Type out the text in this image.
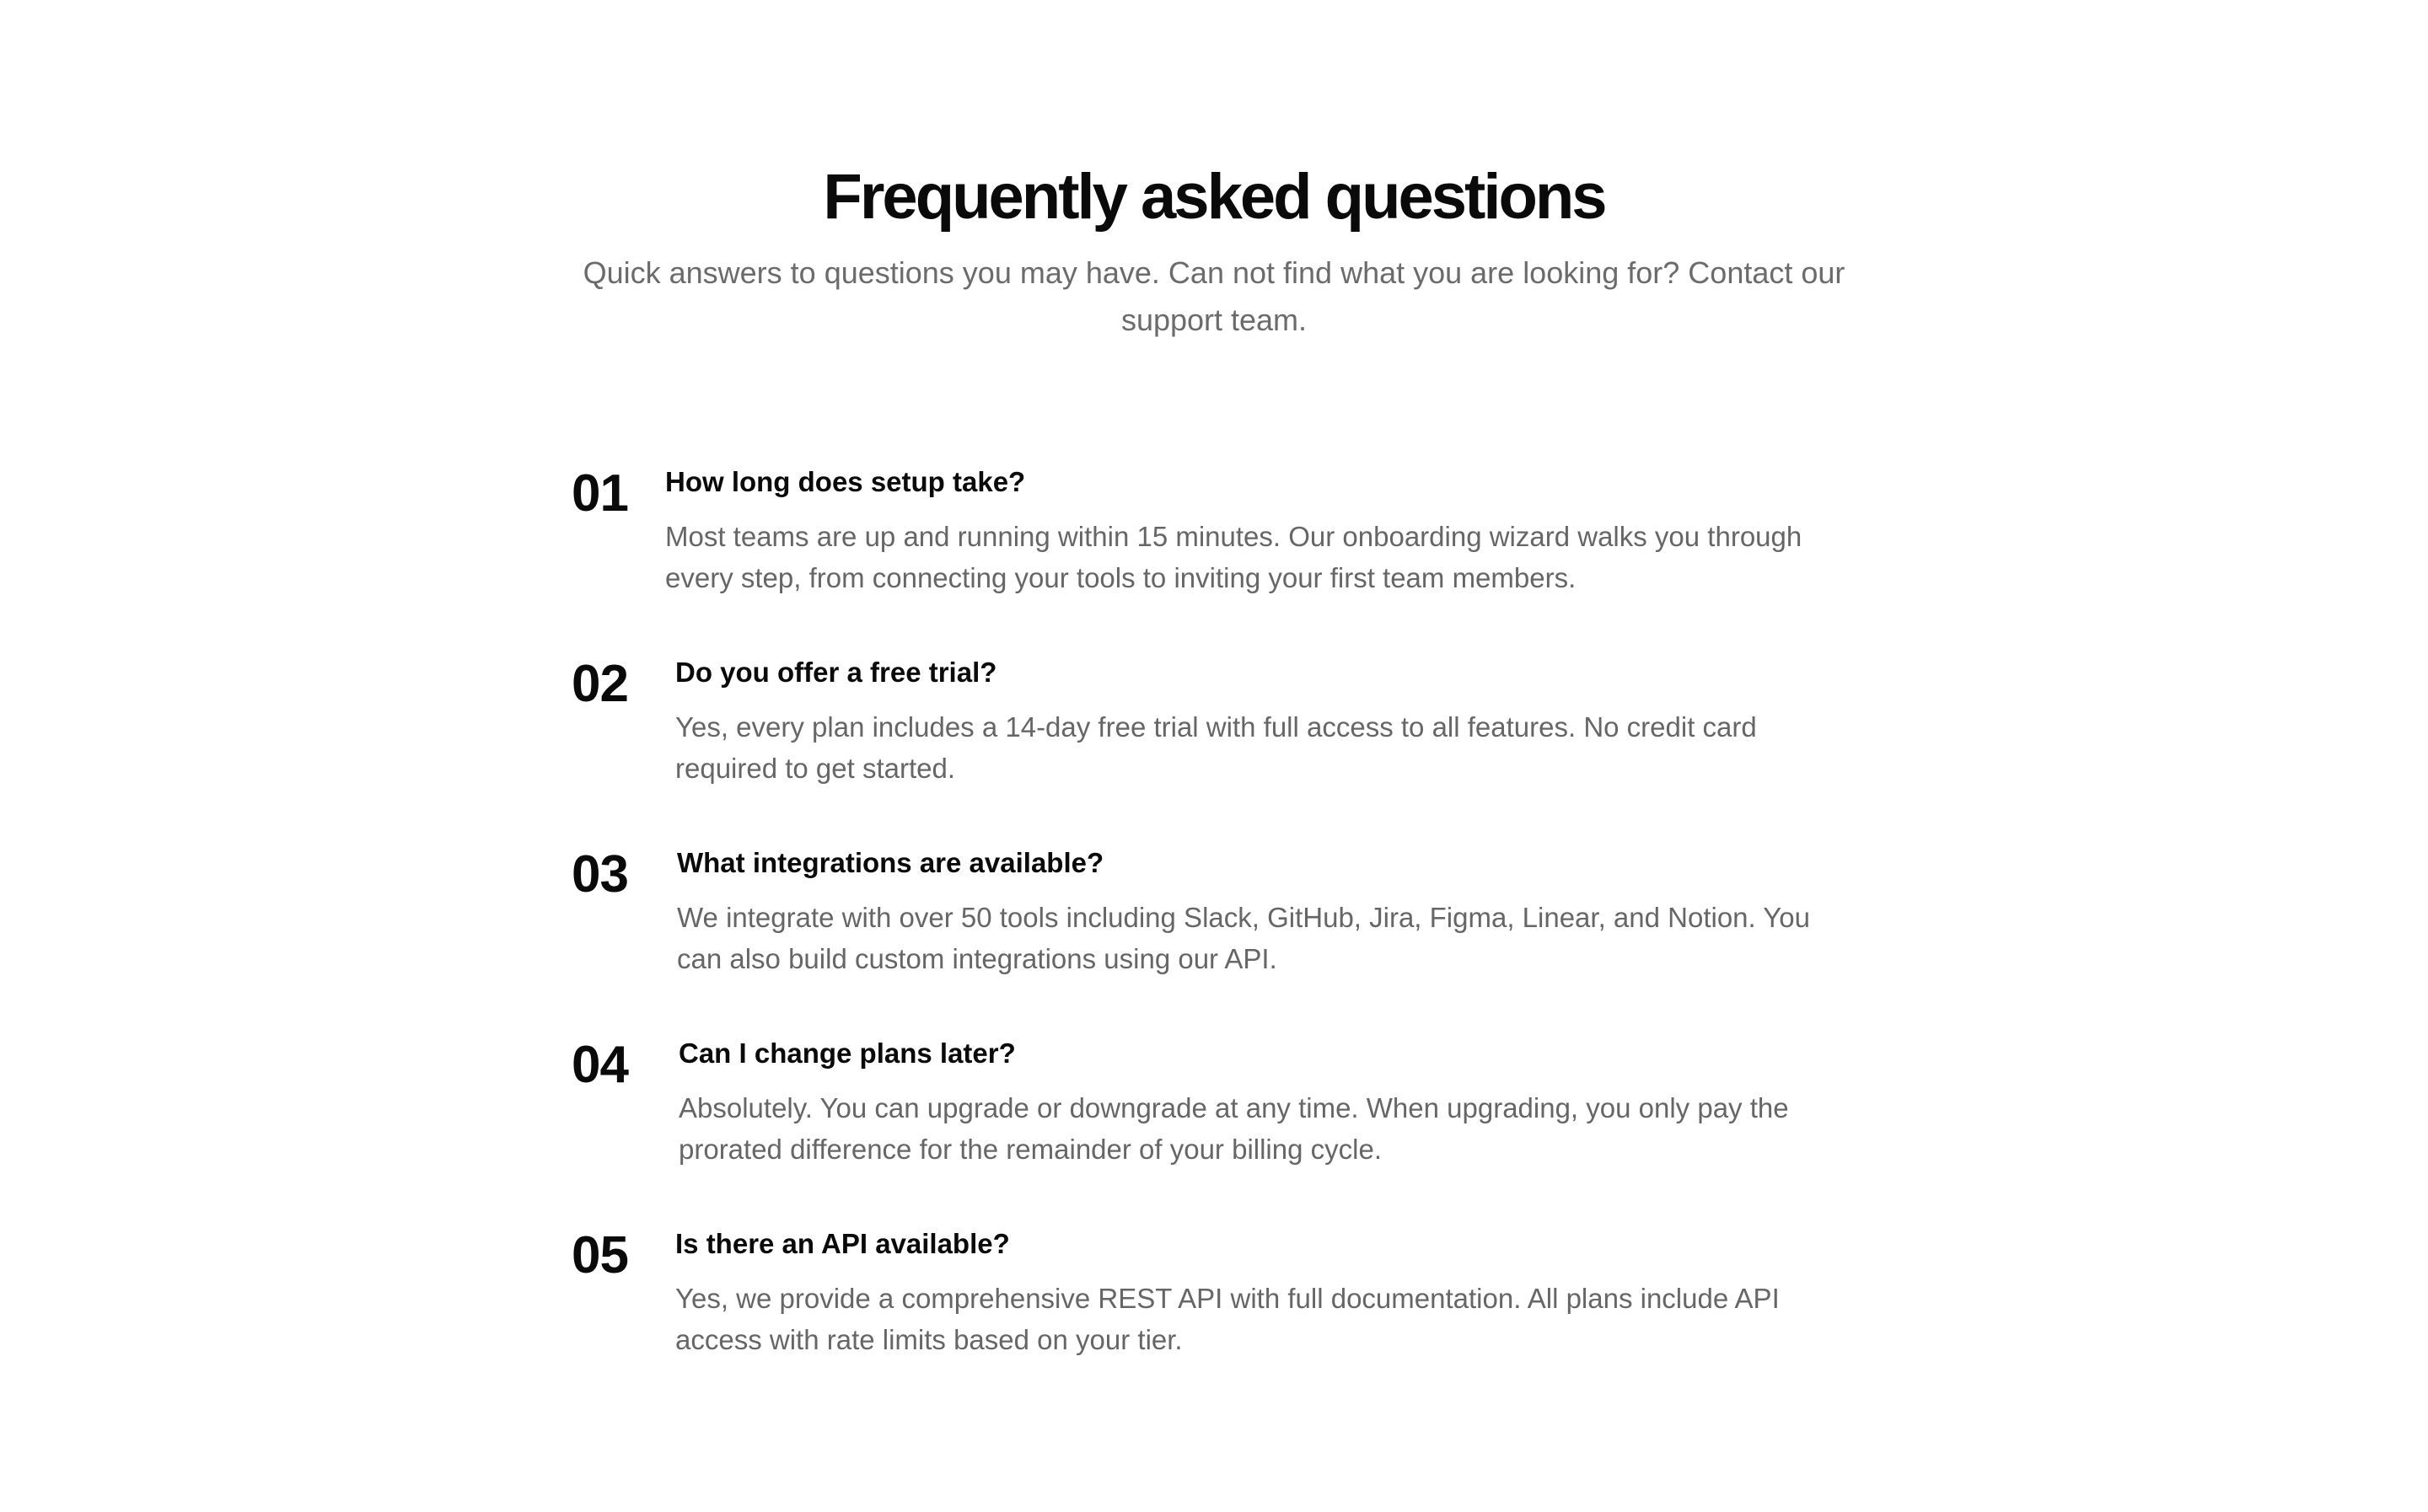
Frequently asked questions

Quick answers to questions you may have. Can not find what you are looking for? Contact our support team.

01 How long does setup take?

Most teams are up and running within 15 minutes. Our onboarding wizard walks you through every step, from connecting your tools to inviting your first team members.

02 Do you offer a free trial?

Yes, every plan includes a 14-day free trial with full access to all features. No credit card required to get started.

03 What integrations are available?

We integrate with over 50 tools including Slack, GitHub, Jira, Figma, Linear, and Notion. You can also build custom integrations using our API.

04 Can I change plans later?

Absolutely. You can upgrade or downgrade at any time. When upgrading, you only pay the prorated difference for the remainder of your billing cycle.

05 Is there an API available?

Yes, we provide a comprehensive REST API with full documentation. All plans include API access with rate limits based on your tier.
